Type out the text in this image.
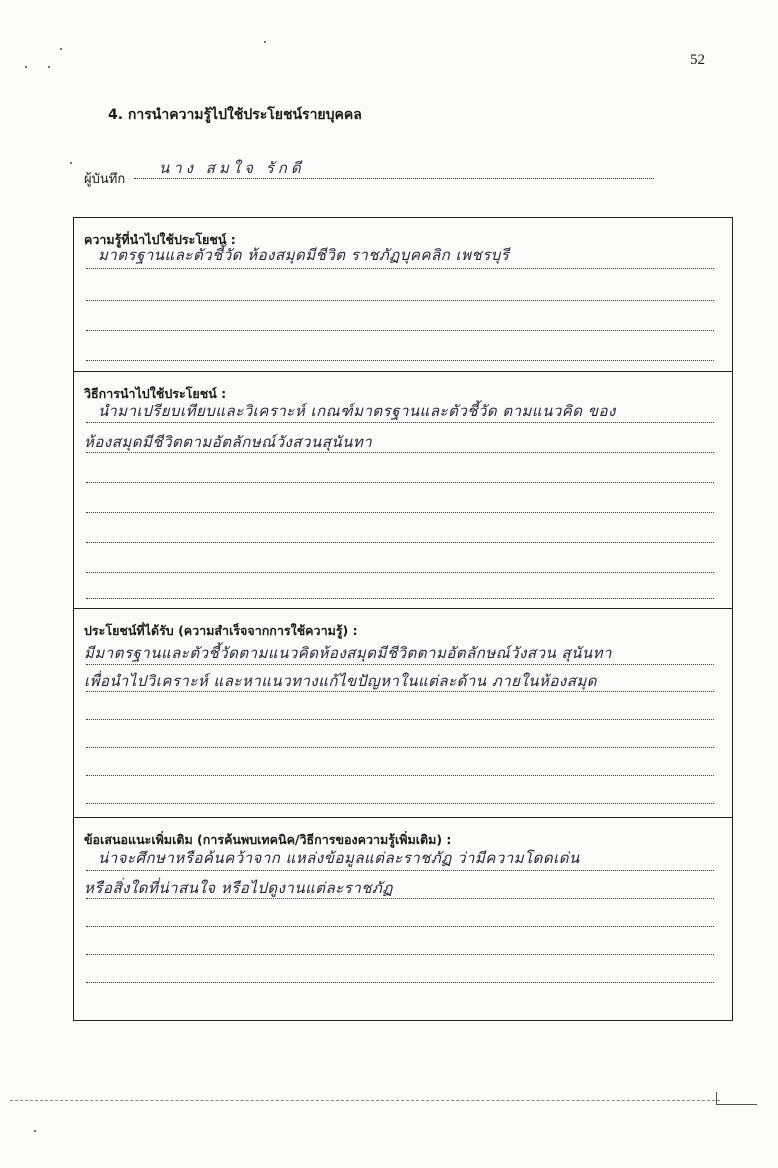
52
4. การนำความรู้ไปใช้ประโยชน์รายบุคคล
ผู้บันทึก
นาง สมใจ รักดี
ความรู้ที่นำไปใช้ประโยชน์ :
มาตรฐานและตัวชี้วัด ห้องสมุดมีชีวิต ราชภัฏบุคคลิก เพชรบุรี
วิธีการนำไปใช้ประโยชน์ :
นำมาเปรียบเทียบและวิเคราะห์ เกณฑ์มาตรฐานและตัวชี้วัด ตามแนวคิด ของ
ห้องสมุดมีชีวิตตามอัตลักษณ์วังสวนสุนันทา
ประโยชน์ที่ได้รับ (ความสำเร็จจากการใช้ความรู้) :
มีมาตรฐานและตัวชี้วัดตามแนวคิดห้องสมุดมีชีวิตตามอัตลักษณ์วังสวน สุนันทา
เพื่อนำไปวิเคราะห์ และหาแนวทางแก้ไขปัญหาในแต่ละด้าน ภายในห้องสมุด
ข้อเสนอแนะเพิ่มเติม (การค้นพบเทคนิค/วิธีการของความรู้เพิ่มเติม) :
น่าจะศึกษาหรือค้นคว้าจาก แหล่งข้อมูลแต่ละราชภัฏ ว่ามีความโดดเด่น
หรือสิ่งใดที่น่าสนใจ หรือไปดูงานแต่ละราชภัฏ
